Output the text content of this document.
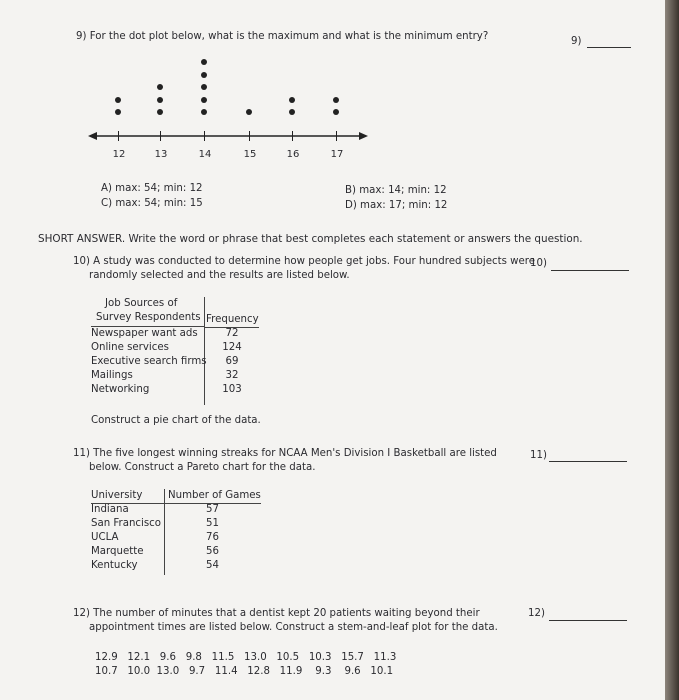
9) For the dot plot below, what is the maximum and what is the minimum entry?	9)
12	13	14	15	16	17
A) max: 54; min: 12	B) max: 14; min: 12
C) max: 54; min: 15	D) max: 17; min: 12
SHORT ANSWER. Write the word or phrase that best completes each statement or answers the question.
10) A study was conducted to determine how people get jobs. Four hundred subjects were
randomly selected and the results are listed below.
10)
Job Sources of
Survey Respondents Frequency
Newspaper want ads	72
Online services	124
Executive search firms	69
Mailings	32
Networking	103
Construct a pie chart of the data.
11) The five longest winning streaks for NCAA Men's Division I Basketball are listed
below. Construct a Pareto chart for the data.
11)
University	Number of Games
Indiana	57
San Francisco	51
UCLA	76
Marquette	56
Kentucky	54
12) The number of minutes that a dentist kept 20 patients waiting beyond their
appointment times are listed below. Construct a stem-and-leaf plot for the data.
12)
12.9   12.1   9.6   9.8   11.5   13.0   10.5   10.3   15.7   11.3
10.7   10.0  13.0   9.7   11.4   12.8   11.9    9.3    9.6   10.1
